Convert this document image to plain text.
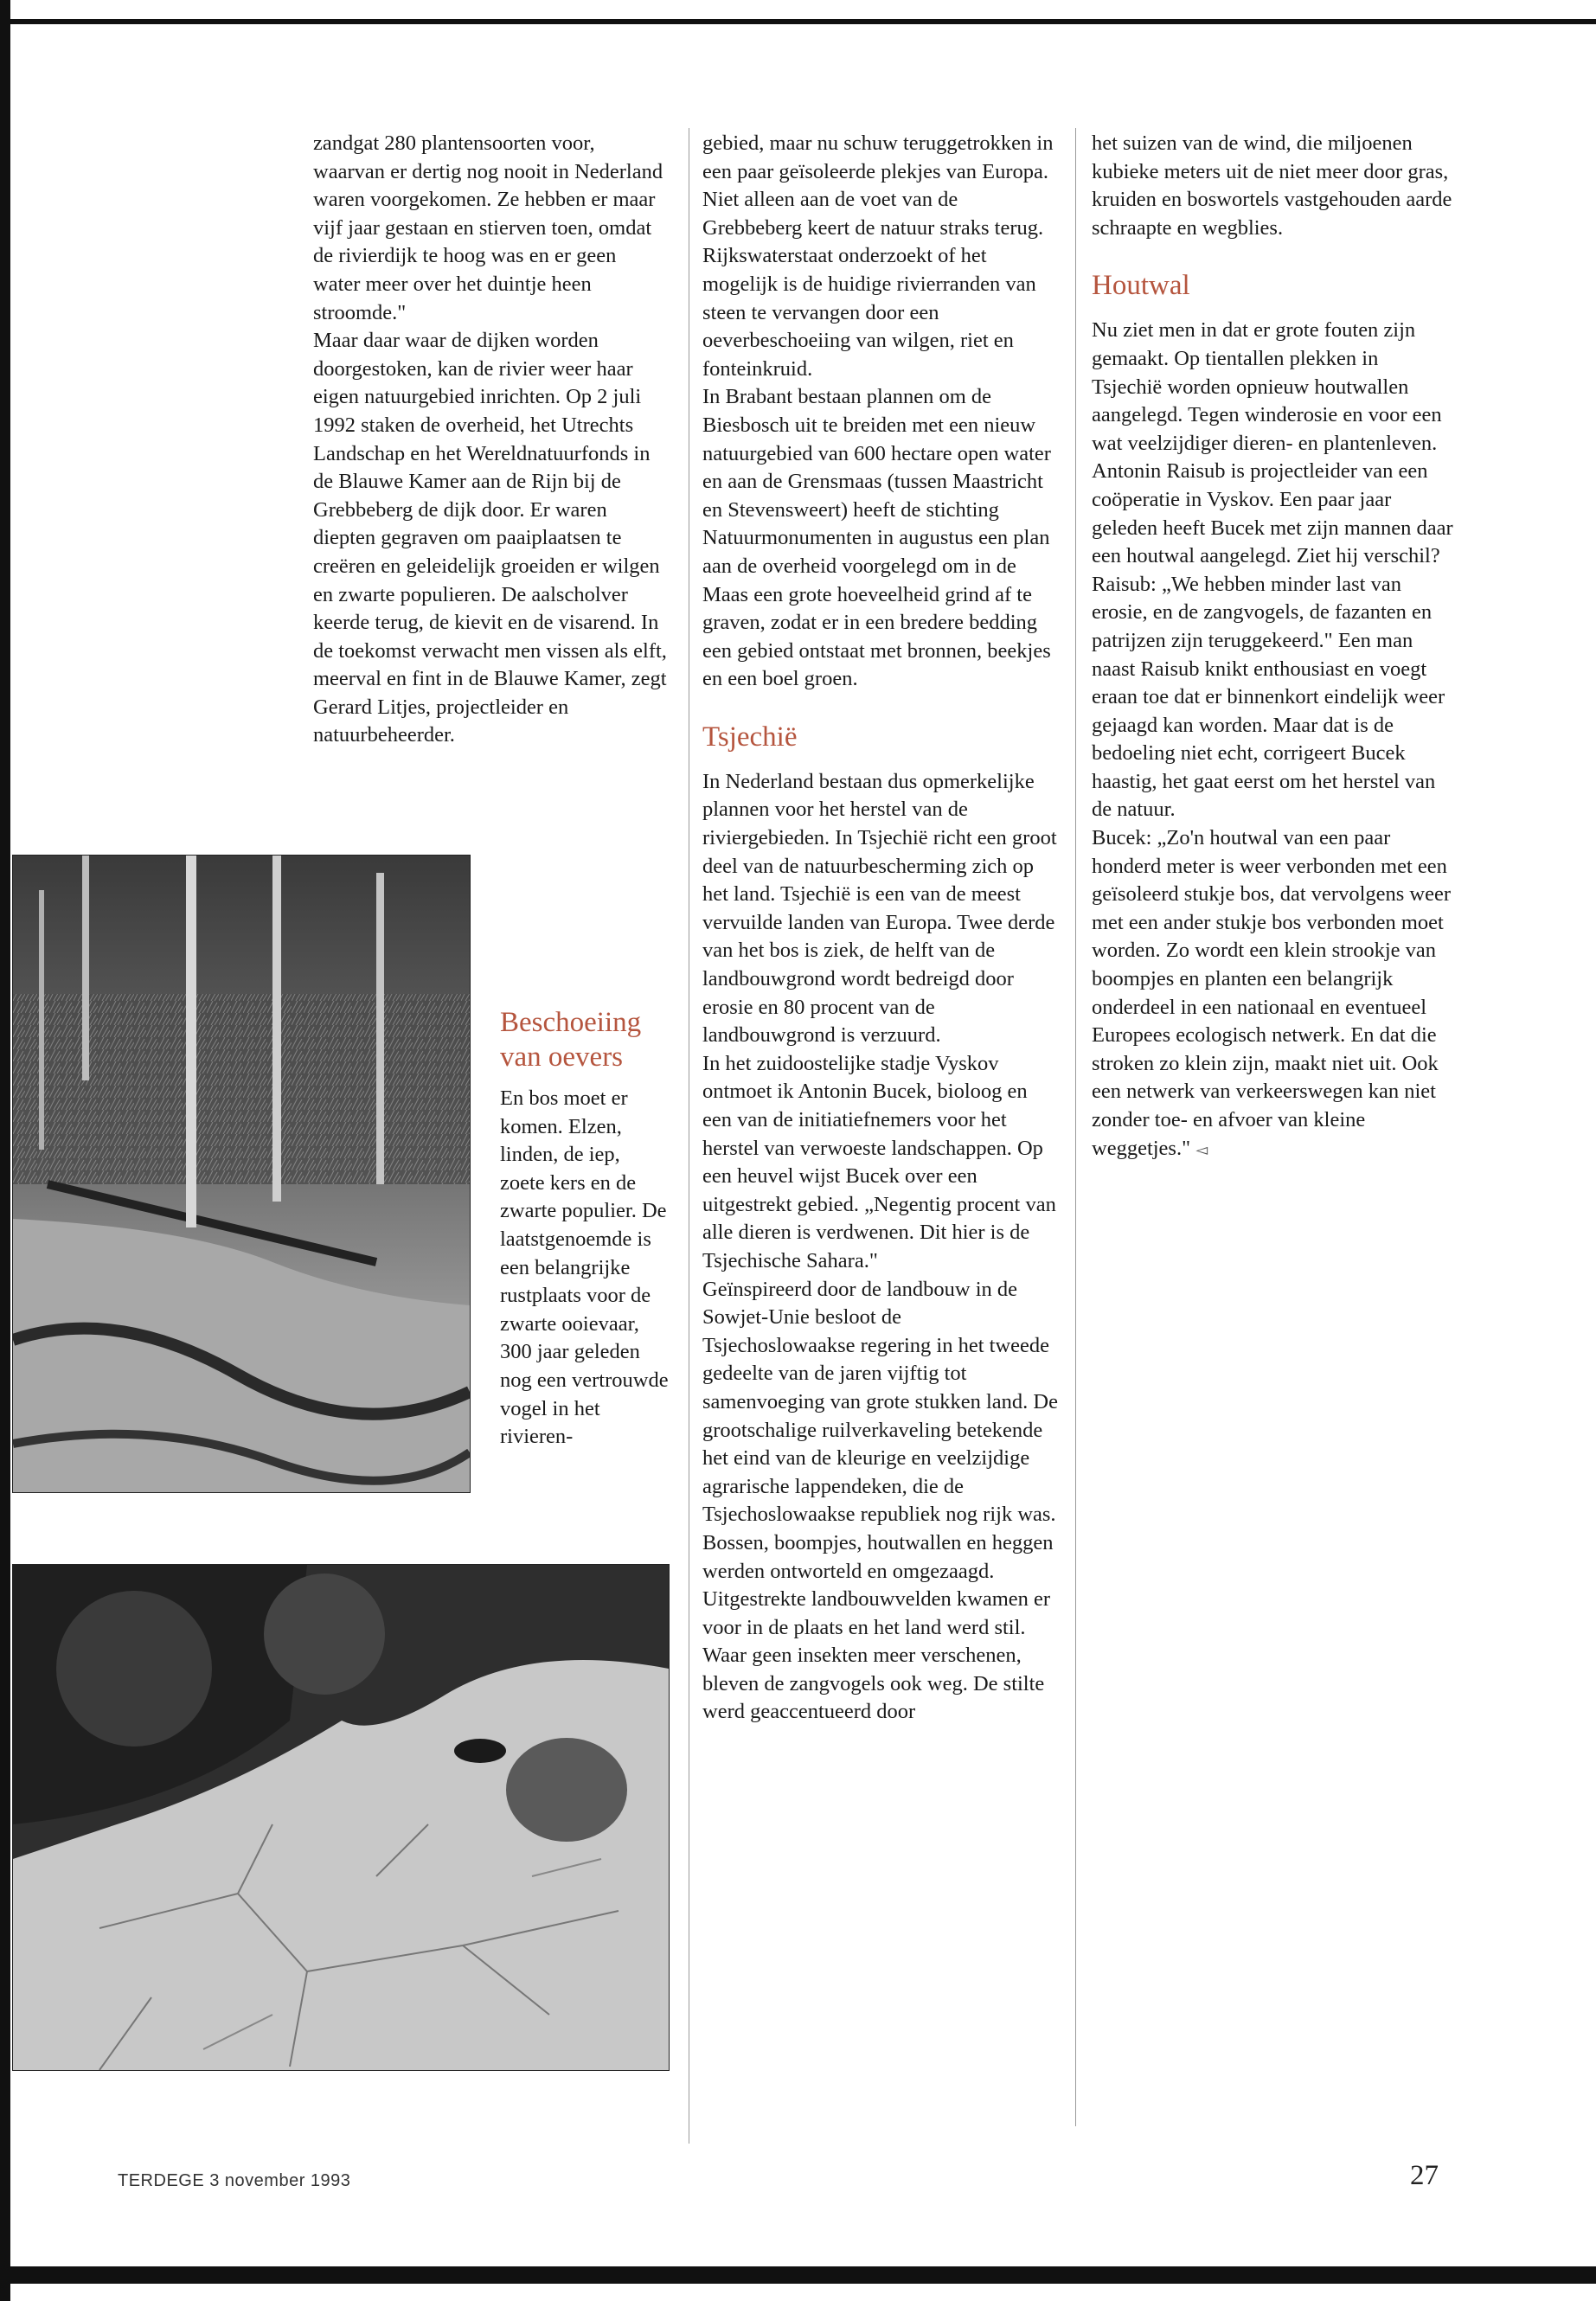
zandgat 280 plantensoorten voor, waarvan er dertig nog nooit in Nederland waren voorgekomen. Ze hebben er maar vijf jaar gestaan en stierven toen, omdat de rivierdijk te hoog was en er geen water meer over het duintje heen stroomde."

Maar daar waar de dijken worden doorgestoken, kan de rivier weer haar eigen natuurgebied inrichten. Op 2 juli 1992 staken de overheid, het Utrechts Landschap en het Wereldnatuurfonds in de Blauwe Kamer aan de Rijn bij de Grebbeberg de dijk door. Er waren diepten gegraven om paaiplaatsen te creëren en geleidelijk groeiden er wilgen en zwarte populieren. De aalscholver keerde terug, de kievit en de visarend. In de toekomst verwacht men vissen als elft, meerval en fint in de Blauwe Kamer, zegt Gerard Litjes, projectleider en natuurbeheerder.

Beschoeiing van oevers

En bos moet er komen. Elzen, linden, de iep, zoete kers en de zwarte populier. De laatstgenoemde is een belangrijke rustplaats voor de zwarte ooievaar, 300 jaar geleden nog een vertrouwde vogel in het rivieren-

gebied, maar nu schuw teruggetrokken in een paar geïsoleerde plekjes van Europa.

Niet alleen aan de voet van de Grebbeberg keert de natuur straks terug. Rijkswaterstaat onderzoekt of het mogelijk is de huidige rivierranden van steen te vervangen door een oeverbeschoeiing van wilgen, riet en fonteinkruid.

In Brabant bestaan plannen om de Biesbosch uit te breiden met een nieuw natuurgebied van 600 hectare open water en aan de Grensmaas (tussen Maastricht en Stevensweert) heeft de stichting Natuurmonumenten in augustus een plan aan de overheid voorgelegd om in de Maas een grote hoeveelheid grind af te graven, zodat er in een bredere bedding een gebied ontstaat met bronnen, beekjes en een boel groen.

Tsjechië

In Nederland bestaan dus opmerkelijke plannen voor het herstel van de riviergebieden. In Tsjechië richt een groot deel van de natuurbescherming zich op het land. Tsjechië is een van de meest vervuilde landen van Europa. Twee derde van het bos is ziek, de helft van de landbouwgrond wordt bedreigd door erosie en 80 procent van de landbouwgrond is verzuurd.

In het zuidoostelijke stadje Vyskov ontmoet ik Antonin Bucek, bioloog en een van de initiatiefnemers voor het herstel van verwoeste landschappen. Op een heuvel wijst Bucek over een uitgestrekt gebied. „Negentig procent van alle dieren is verdwenen. Dit hier is de Tsjechische Sahara."

Geïnspireerd door de landbouw in de Sowjet-Unie besloot de Tsjechoslowaakse regering in het tweede gedeelte van de jaren vijftig tot samenvoeging van grote stukken land. De grootschalige ruilverkaveling betekende het eind van de kleurige en veelzijdige agrarische lappendeken, die de Tsjechoslowaakse republiek nog rijk was. Bossen, boompjes, houtwallen en heggen werden ontworteld en omgezaagd. Uitgestrekte landbouwvelden kwamen er voor in de plaats en het land werd stil. Waar geen insekten meer verschenen, bleven de zangvogels ook weg. De stilte werd geaccentueerd door

het suizen van de wind, die miljoenen kubieke meters uit de niet meer door gras, kruiden en boswortels vastgehouden aarde schraapte en wegblies.

Houtwal

Nu ziet men in dat er grote fouten zijn gemaakt. Op tientallen plekken in Tsjechië worden opnieuw houtwallen aangelegd. Tegen winderosie en voor een wat veelzijdiger dieren- en plantenleven. Antonin Raisub is projectleider van een coöperatie in Vyskov. Een paar jaar geleden heeft Bucek met zijn mannen daar een houtwal aangelegd. Ziet hij verschil? Raisub: „We hebben minder last van erosie, en de zangvogels, de fazanten en patrijzen zijn teruggekeerd." Een man naast Raisub knikt enthousiast en voegt eraan toe dat er binnenkort eindelijk weer gejaagd kan worden. Maar dat is de bedoeling niet echt, corrigeert Bucek haastig, het gaat eerst om het herstel van de natuur.

Bucek: „Zo'n houtwal van een paar honderd meter is weer verbonden met een geïsoleerd stukje bos, dat vervolgens weer met een ander stukje bos verbonden moet worden. Zo wordt een klein strookje van boompjes en planten een belangrijk onderdeel in een nationaal en eventueel Europees ecologisch netwerk. En dat die stroken zo klein zijn, maakt niet uit. Ook een netwerk van verkeerswegen kan niet zonder toe- en afvoer van kleine weggetjes." ◅

TERDEGE 3 november 1993	27
